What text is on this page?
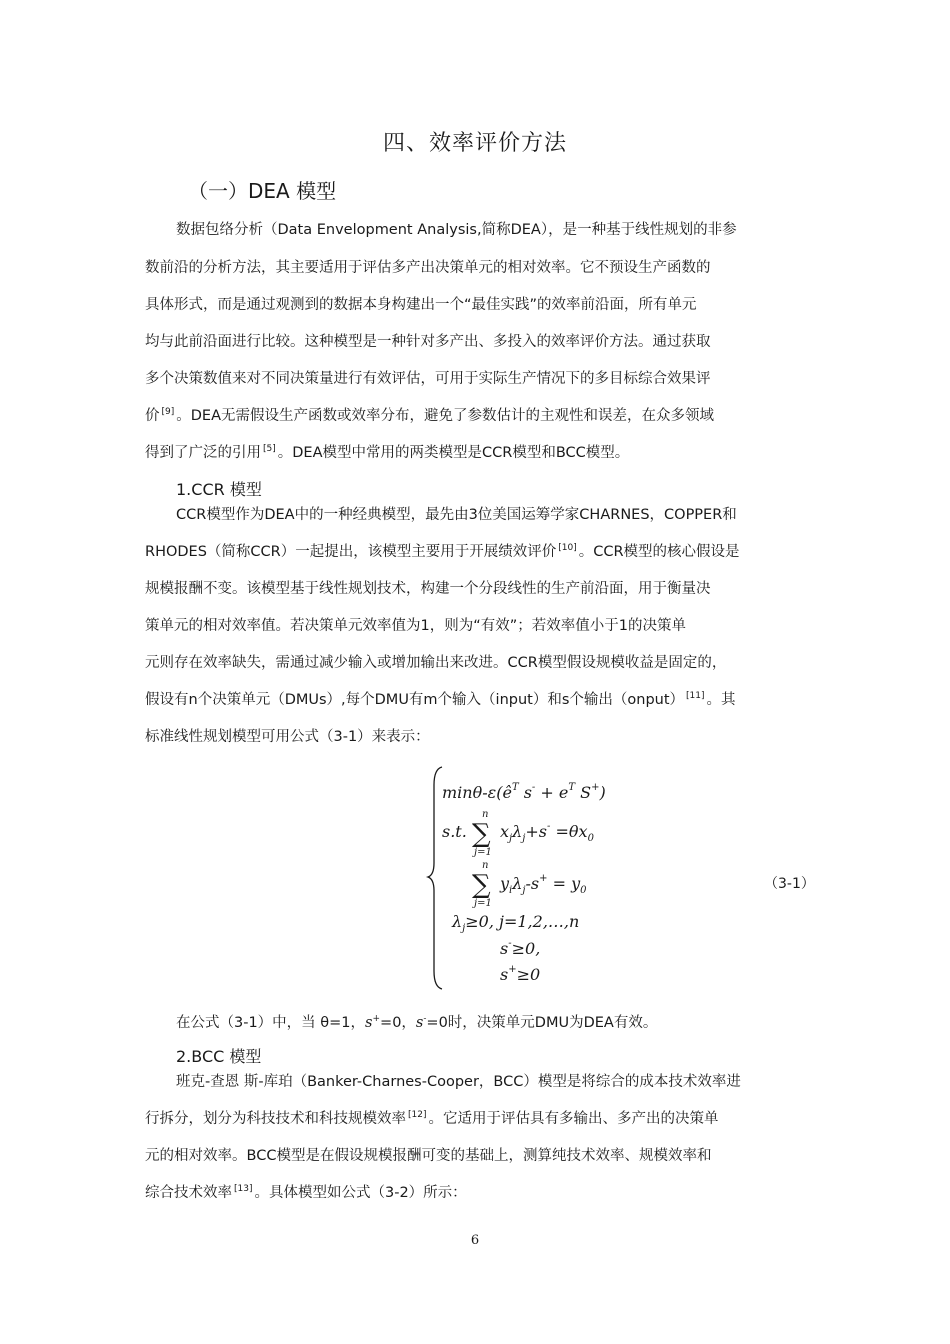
四、效率评价方法
（一）DEA 模型
数据包络分析（Data Envelopment Analysis,简称DEA），是一种基于线性规划的非参
数前沿的分析方法，其主要适用于评估多产出决策单元的相对效率。它不预设生产函数的
具体形式，而是通过观测到的数据本身构建出一个“最佳实践”的效率前沿面，所有单元
均与此前沿面进行比较。这种模型是一种针对多产出、多投入的效率评价方法。通过获取
多个决策数值来对不同决策量进行有效评估，可用于实际生产情况下的多目标综合效果评
价 [9] 。DEA无需假设生产函数或效率分布，避免了参数估计的主观性和误差，在众多领域
得到了广泛的引用 [5] 。DEA模型中常用的两类模型是CCR模型和BCC模型。
1.CCR 模型
CCR模型作为DEA中的一种经典模型，最先由3位美国运筹学家CHARNES，COPPER和
RHODES（简称CCR）一起提出，该模型主要用于开展绩效评价 [10] 。CCR模型的核心假设是
规模报酬不变。该模型基于线性规划技术，构建一个分段线性的生产前沿面，用于衡量决
策单元的相对效率值。若决策单元效率值为1，则为“有效”；若效率值小于1的决策单
元则存在效率缺失，需通过减少输入或增加输出来改进。CCR模型假设规模收益是固定的，
假设有n个决策单元（DMUs）,每个DMU有m个输入（input）和s个输出（onput） [11] 。其
标准线性规划模型可用公式（3-1）来表示：
minθ-$\varepsilon(ê^T$ $s^- + e^T$ S+)
s.t. ∑
n
j=1
$x_j\lambda_j+s^- =\theta x_0$
∑
n
j=1
$y_i\lambda_j-s^+ = y_0$
$\lambda_j\ge 0$, j=1,2,…,n
s-≥0,
s+≥0
（3-1）
在公式（3-1）中，当 θ=1，s+=0，s-=0时，决策单元DMU为DEA有效。
2.BCC 模型
班克-查恩 斯-库珀（Banker-Charnes-Cooper，BCC）模型是将综合的成本技术效率进
行拆分，划分为科技技术和科技规模效率 [12] 。它适用于评估具有多输出、多产出的决策单
元的相对效率。BCC模型是在假设规模报酬可变的基础上，测算纯技术效率、规模效率和
综合技术效率 [13] 。具体模型如公式（3-2）所示：
6
